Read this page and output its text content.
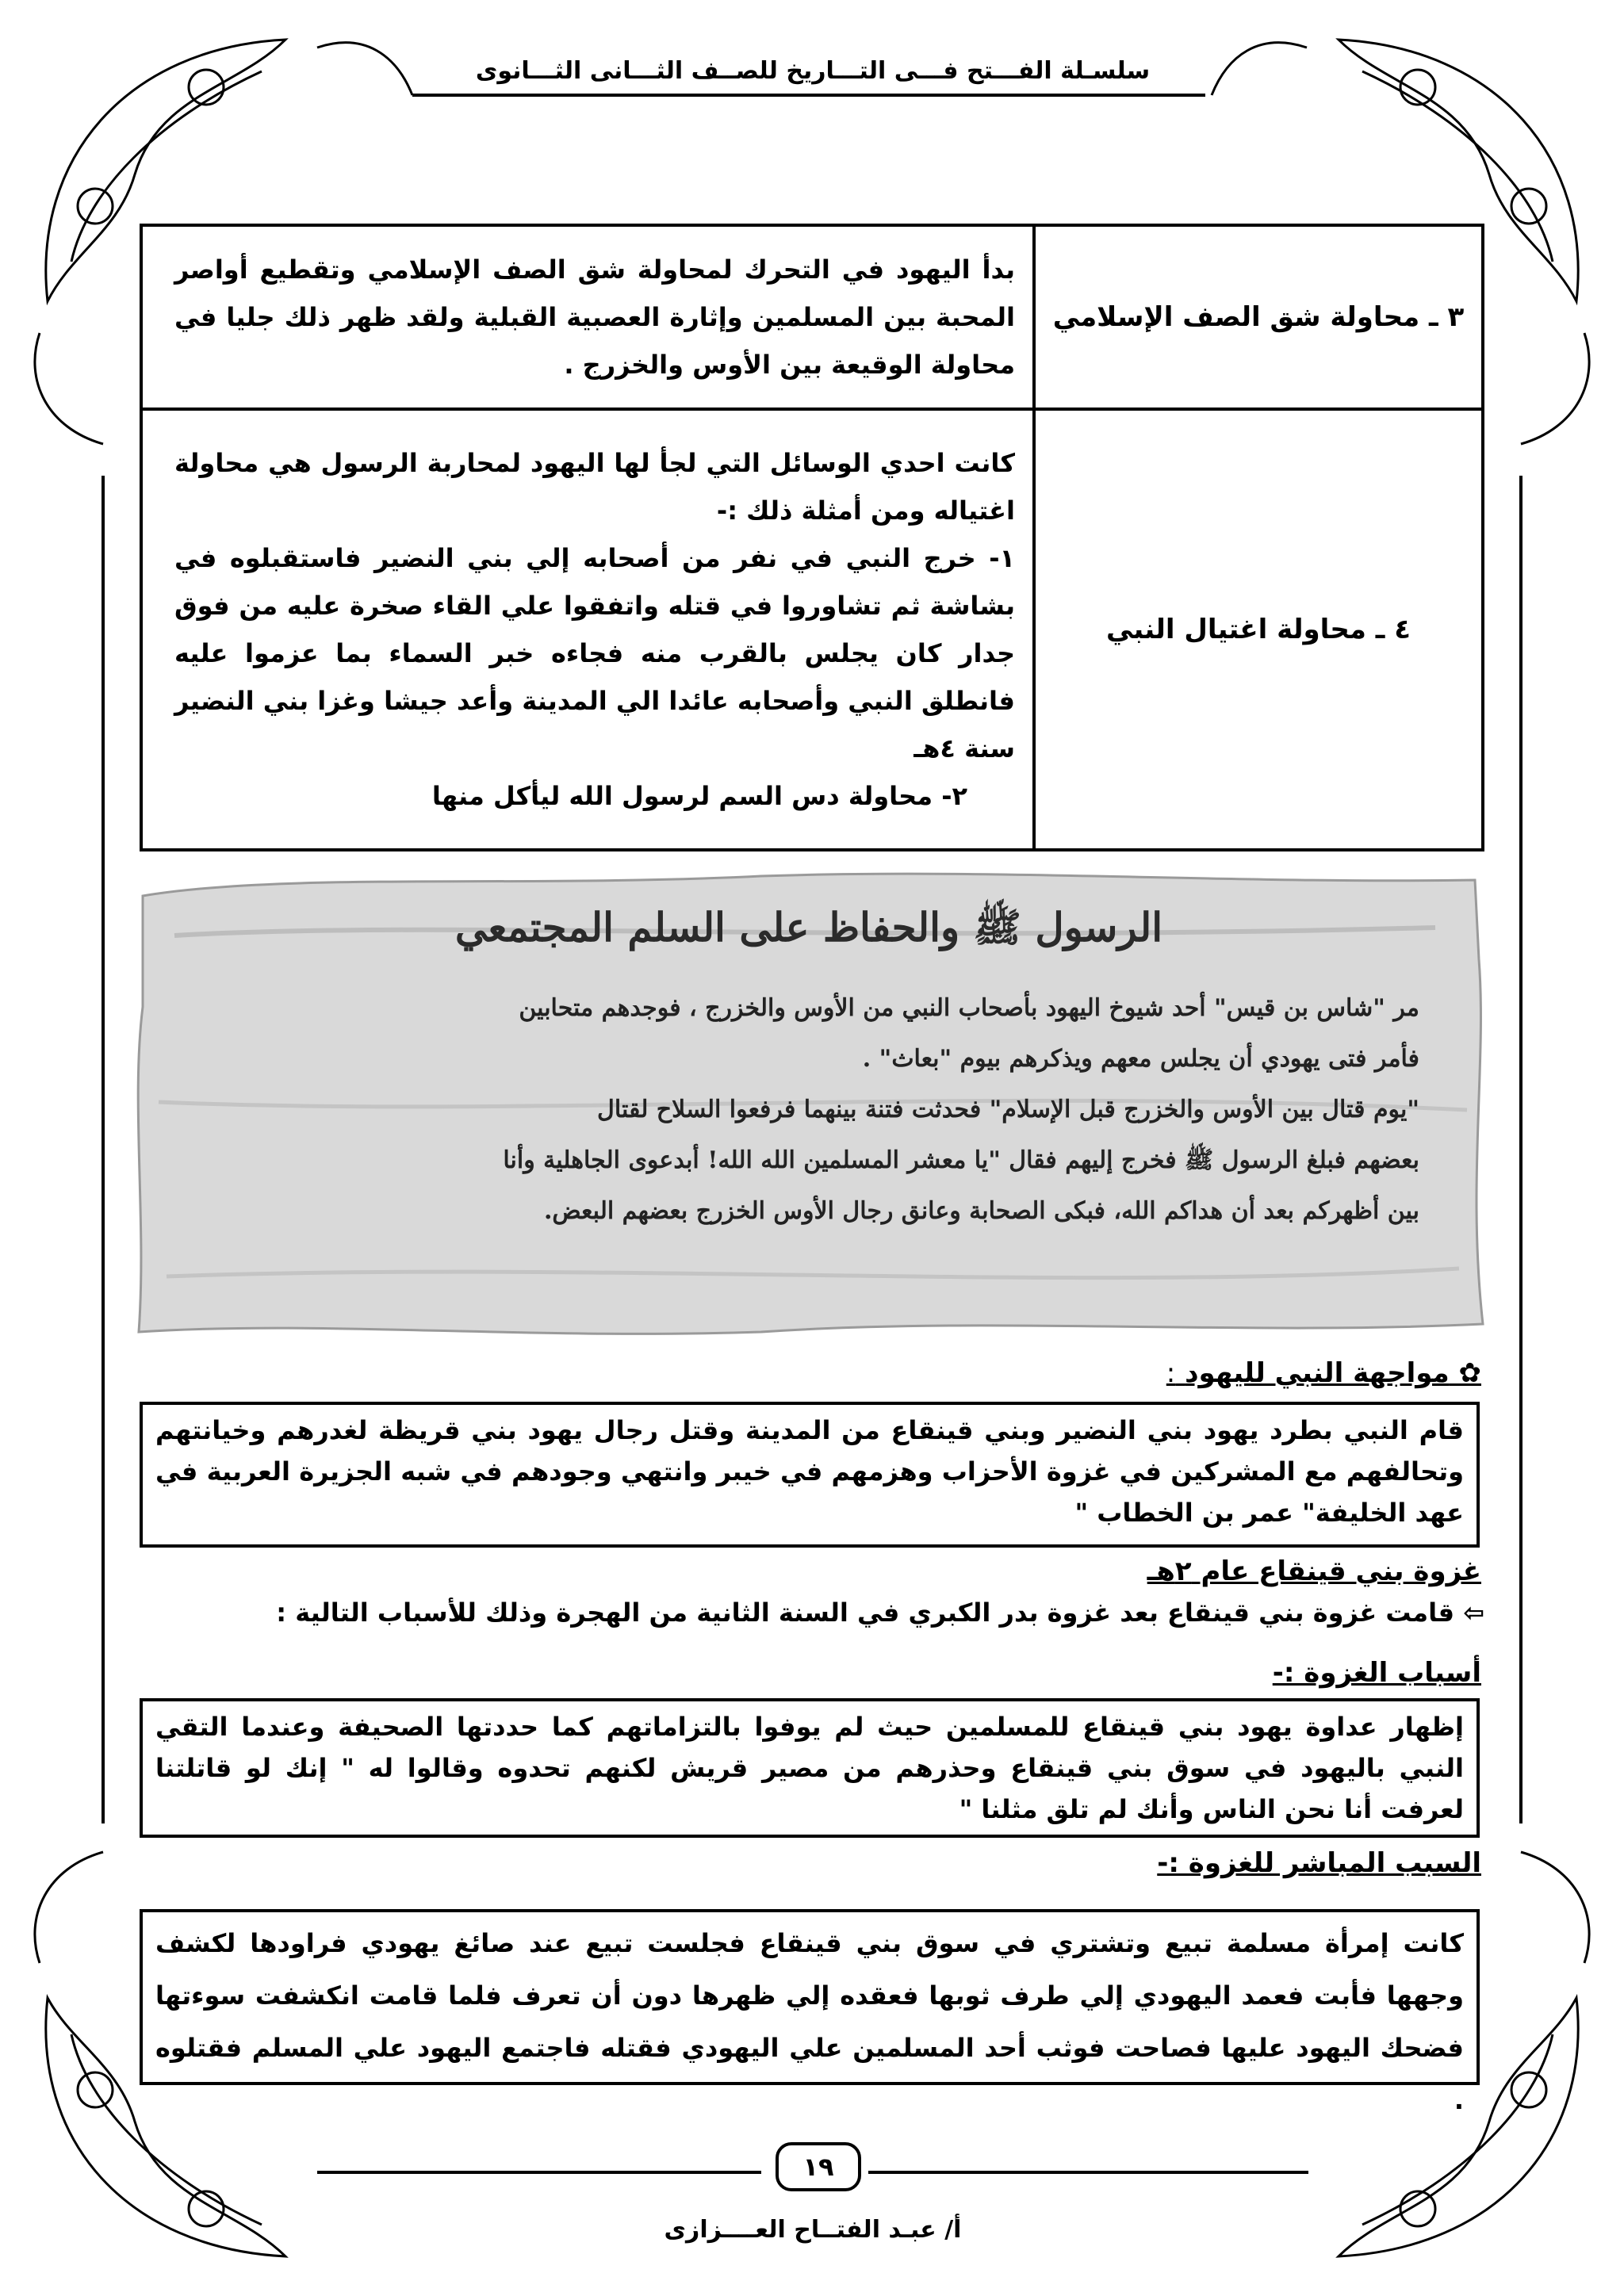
سلسـلة الفـــتح فـــى التـــاريخ للصــف الثـــانى الثـــانوى
٣ ـ محاولة شق الصف الإسلامي	بدأ اليهود في التحرك لمحاولة شق الصف الإسلامي وتقطيع أواصر المحبة بين المسلمين وإثارة العصبية القبلية ولقد ظهر ذلك جليا في محاولة الوقيعة بين الأوس والخزرج .

٤ ـ محاولة اغتيال النبي	كانت احدي الوسائل التي لجأ لها اليهود لمحاربة الرسول هي محاولة اغتياله ومن أمثلة ذلك :-

١- خرج النبي في نفر من أصحابه إلي بني النضير فاستقبلوه في بشاشة ثم تشاوروا في قتله واتفقوا علي القاء صخرة عليه من فوق جدار كان يجلس بالقرب منه فجاءه خبر السماء بما عزموا عليه فانطلق النبي وأصحابه عائدا الي المدينة وأعد جيشا وغزا بني النضير سنة ٤هـ

٢- محاولة دس السم لرسول الله ليأكل منها

الرسول ﷺ والحفاظ على السلم المجتمعي

مر "شاس بن قيس" أحد شيوخ اليهود بأصحاب النبي من الأوس والخزرج ، فوجدهم متحابين

فأمر فتى يهودي أن يجلس معهم ويذكرهم بيوم "بعاث" .

"يوم قتال بين الأوس والخزرج قبل الإسلام" فحدثت فتنة بينهما فرفعوا السلاح لقتال

بعضهم فبلغ الرسول ﷺ فخرج إليهم فقال "يا معشر المسلمين الله الله! أبدعوى الجاهلية وأنا

بين أظهركم بعد أن هداكم الله، فبكى الصحابة وعانق رجال الأوس الخزرج بعضهم البعض.

✿ مواجهة النبي لليهود :

قام النبي بطرد يهود بني النضير وبني قينقاع من المدينة وقتل رجال يهود بني قريظة لغدرهم وخيانتهم وتحالفهم مع المشركين في غزوة الأحزاب وهزمهم في خيبر وانتهي وجودهم في شبه الجزيرة العربية في عهد الخليفة" عمر بن الخطاب "

غزوة بني قينقاع عام ٢هـ
⇦ قامت غزوة بني قينقاع بعد غزوة بدر الكبري في السنة الثانية من الهجرة وذلك للأسباب التالية :
أسباب الغزوة :-

إظهار عداوة يهود بني قينقاع للمسلمين حيث لم يوفوا بالتزاماتهم كما حددتها الصحيفة وعندما التقي النبي باليهود في سوق بني قينقاع وحذرهم من مصير قريش لكنهم تحدوه وقالوا له " إنك لو قاتلتنا لعرفت أنا نحن الناس وأنك لم تلق مثلنا "

السبب المباشر للغزوة :-

كانت إمرأة مسلمة تبيع وتشتري في سوق بني قينقاع فجلست تبيع عند صائغ يهودي فراودها لكشف وجهها فأبت فعمد اليهودي إلي طرف ثوبها فعقده إلي ظهرها دون أن تعرف فلما قامت انكشفت سوءتها فضحك اليهود عليها فصاحت فوثب أحد المسلمين علي اليهودي فقتله فاجتمع اليهود علي المسلم فقتلوه .

١٩
أ/ عبـد الفتــاح العــــزازى
